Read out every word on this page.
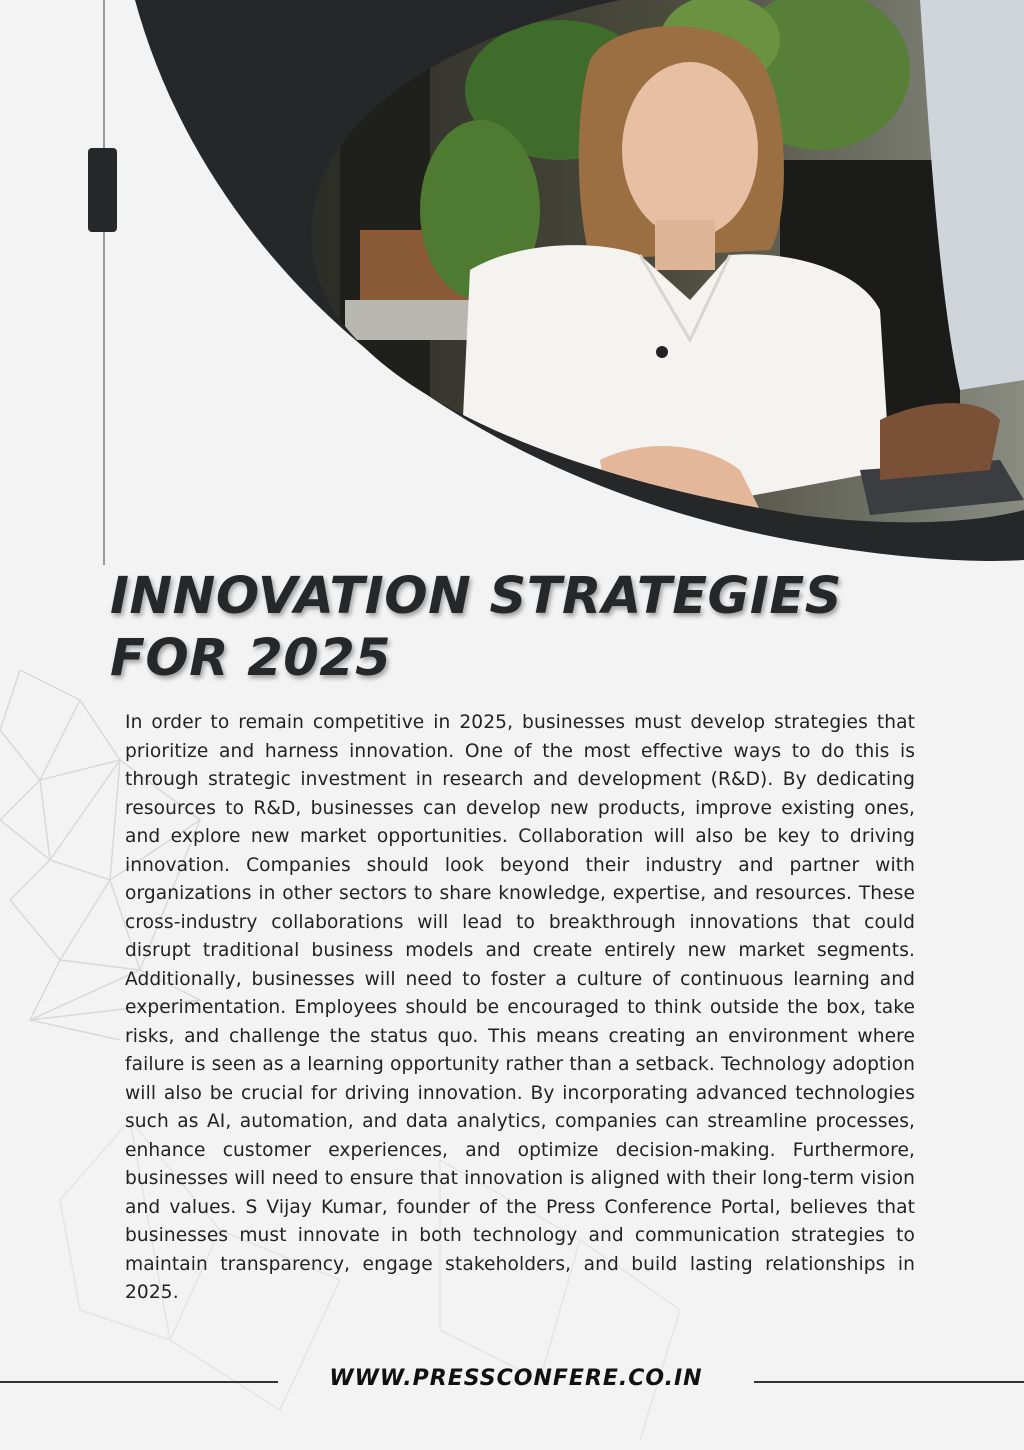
INNOVATION STRATEGIES
FOR 2025

In order to remain competitive in 2025, businesses must develop strategies that prioritize and harness innovation. One of the most effective ways to do this is through strategic investment in research and development (R&D). By dedicating resources to R&D, businesses can develop new products, improve existing ones, and explore new market opportunities. Collaboration will also be key to driving innovation. Companies should look beyond their industry and partner with organizations in other sectors to share knowledge, expertise, and resources. These cross-industry collaborations will lead to breakthrough innovations that could disrupt traditional business models and create entirely new market segments. Additionally, businesses will need to foster a culture of continuous learning and experimentation. Employees should be encouraged to think outside the box, take risks, and challenge the status quo. This means creating an environment where failure is seen as a learning opportunity rather than a setback. Technology adoption will also be crucial for driving innovation. By incorporating advanced technologies such as AI, automation, and data analytics, companies can streamline processes, enhance customer experiences, and optimize decision-making. Furthermore, businesses will need to ensure that innovation is aligned with their long-term vision and values. S Vijay Kumar, founder of the Press Conference Portal, believes that businesses must innovate in both technology and communication strategies to maintain transparency, engage stakeholders, and build lasting relationships in 2025.

WWW.PRESSCONFERE.CO.IN
